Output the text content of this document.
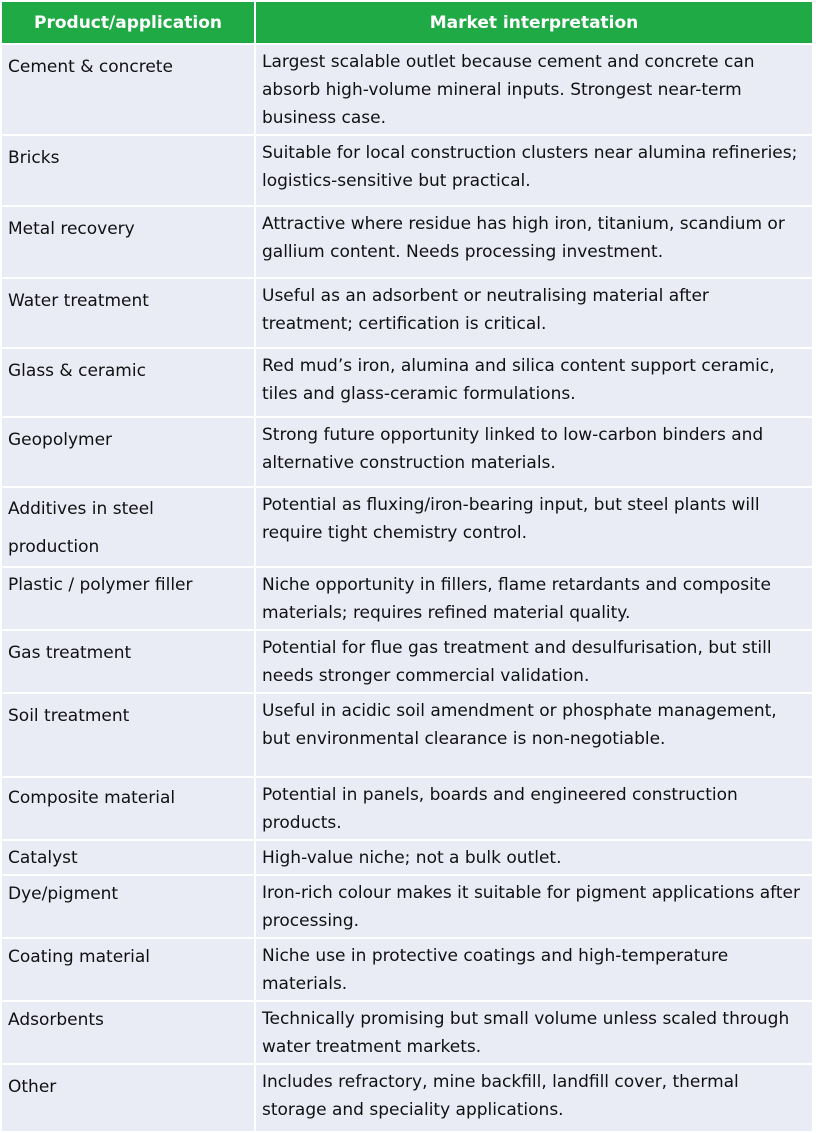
Product/application	Market interpretation
Cement & concrete	Largest scalable outlet because cement and concrete can absorb high-volume mineral inputs. Strongest near-term business case.
Bricks	Suitable for local construction clusters near alumina refineries; logistics-sensitive but practical.
Metal recovery	Attractive where residue has high iron, titanium, scandium or gallium content. Needs processing investment.
Water treatment	Useful as an adsorbent or neutralising material after treatment; certification is critical.
Glass & ceramic	Red mud’s iron, alumina and silica content support ceramic, tiles and glass-ceramic formulations.
Geopolymer	Strong future opportunity linked to low-carbon binders and alternative construction materials.
Additives in steel production	Potential as fluxing/iron-bearing input, but steel plants will require tight chemistry control.
Plastic / polymer filler	Niche opportunity in fillers, flame retardants and composite materials; requires refined material quality.
Gas treatment	Potential for flue gas treatment and desulfurisation, but still needs stronger commercial validation.
Soil treatment	Useful in acidic soil amendment or phosphate management, but environmental clearance is non-negotiable.
Composite material	Potential in panels, boards and engineered construction products.
Catalyst	High-value niche; not a bulk outlet.
Dye/pigment	Iron-rich colour makes it suitable for pigment applications after processing.
Coating material	Niche use in protective coatings and high-temperature materials.
Adsorbents	Technically promising but small volume unless scaled through water treatment markets.
Other	Includes refractory, mine backfill, landfill cover, thermal storage and speciality applications.
